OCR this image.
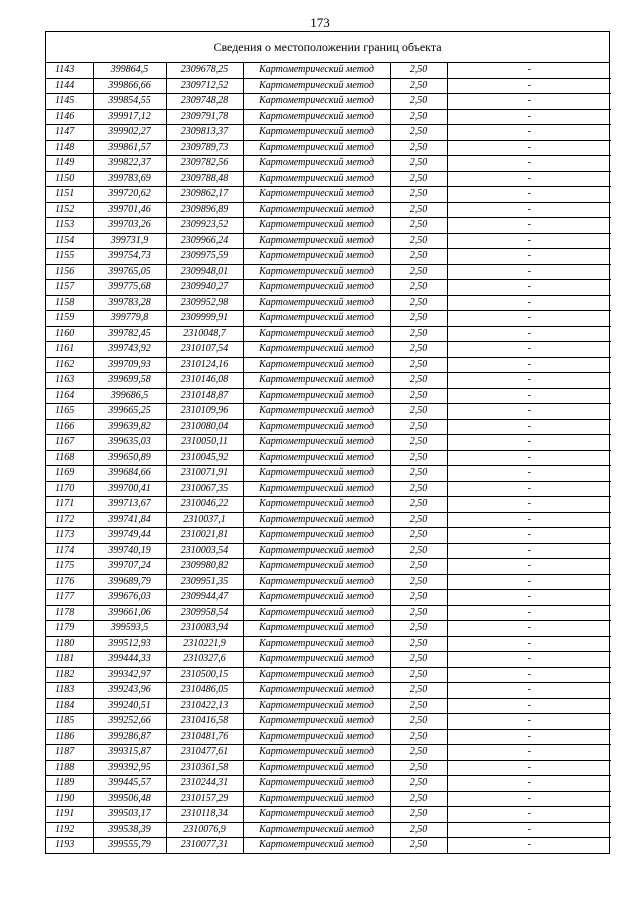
173
Сведения о местоположении границ объекта
1143	399864,5	2309678,25	Картометрический метод	2,50	-
1144	399866,66	2309712,52	Картометрический метод	2,50	-
1145	399854,55	2309748,28	Картометрический метод	2,50	-
1146	399917,12	2309791,78	Картометрический метод	2,50	-
1147	399902,27	2309813,37	Картометрический метод	2,50	-
1148	399861,57	2309789,73	Картометрический метод	2,50	-
1149	399822,37	2309782,56	Картометрический метод	2,50	-
1150	399783,69	2309788,48	Картометрический метод	2,50	-
1151	399720,62	2309862,17	Картометрический метод	2,50	-
1152	399701,46	2309896,89	Картометрический метод	2,50	-
1153	399703,26	2309923,52	Картометрический метод	2,50	-
1154	399731,9	2309966,24	Картометрический метод	2,50	-
1155	399754,73	2309975,59	Картометрический метод	2,50	-
1156	399765,05	2309948,01	Картометрический метод	2,50	-
1157	399775,68	2309940,27	Картометрический метод	2,50	-
1158	399783,28	2309952,98	Картометрический метод	2,50	-
1159	399779,8	2309999,91	Картометрический метод	2,50	-
1160	399782,45	2310048,7	Картометрический метод	2,50	-
1161	399743,92	2310107,54	Картометрический метод	2,50	-
1162	399709,93	2310124,16	Картометрический метод	2,50	-
1163	399699,58	2310146,08	Картометрический метод	2,50	-
1164	399686,5	2310148,87	Картометрический метод	2,50	-
1165	399665,25	2310109,96	Картометрический метод	2,50	-
1166	399639,82	2310080,04	Картометрический метод	2,50	-
1167	399635,03	2310050,11	Картометрический метод	2,50	-
1168	399650,89	2310045,92	Картометрический метод	2,50	-
1169	399684,66	2310071,91	Картометрический метод	2,50	-
1170	399700,41	2310067,35	Картометрический метод	2,50	-
1171	399713,67	2310046,22	Картометрический метод	2,50	-
1172	399741,84	2310037,1	Картометрический метод	2,50	-
1173	399749,44	2310021,81	Картометрический метод	2,50	-
1174	399740,19	2310003,54	Картометрический метод	2,50	-
1175	399707,24	2309980,82	Картометрический метод	2,50	-
1176	399689,79	2309951,35	Картометрический метод	2,50	-
1177	399676,03	2309944,47	Картометрический метод	2,50	-
1178	399661,06	2309958,54	Картометрический метод	2,50	-
1179	399593,5	2310083,94	Картометрический метод	2,50	-
1180	399512,93	2310221,9	Картометрический метод	2,50	-
1181	399444,33	2310327,6	Картометрический метод	2,50	-
1182	399342,97	2310500,15	Картометрический метод	2,50	-
1183	399243,96	2310486,05	Картометрический метод	2,50	-
1184	399240,51	2310422,13	Картометрический метод	2,50	-
1185	399252,66	2310416,58	Картометрический метод	2,50	-
1186	399286,87	2310481,76	Картометрический метод	2,50	-
1187	399315,87	2310477,61	Картометрический метод	2,50	-
1188	399392,95	2310361,58	Картометрический метод	2,50	-
1189	399445,57	2310244,31	Картометрический метод	2,50	-
1190	399506,48	2310157,29	Картометрический метод	2,50	-
1191	399503,17	2310118,34	Картометрический метод	2,50	-
1192	399538,39	2310076,9	Картометрический метод	2,50	-
1193	399555,79	2310077,31	Картометрический метод	2,50	-
